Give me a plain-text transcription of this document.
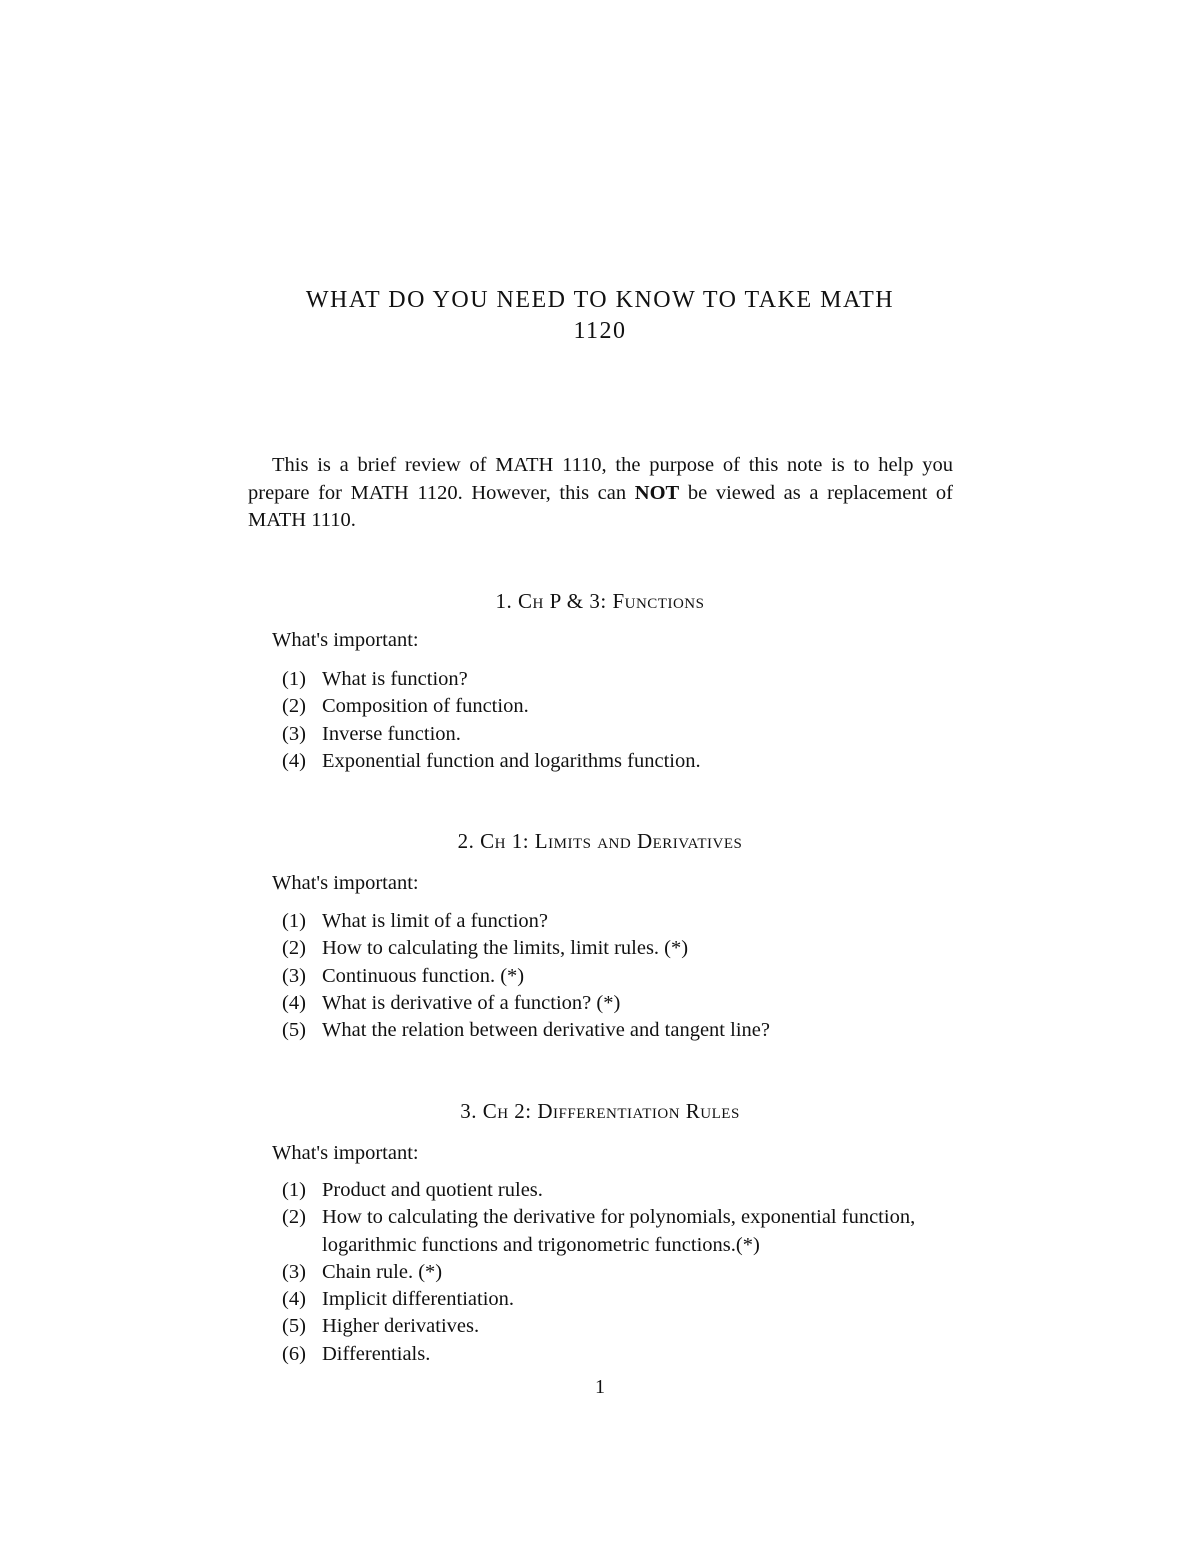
WHAT DO YOU NEED TO KNOW TO TAKE MATH
1120
This is a brief review of MATH 1110, the purpose of this note is to help you prepare for MATH 1120. However, this can NOT be viewed as a replacement of MATH 1110.
1. Ch P & 3: Functions
What's important:
(1) What is function?
(2) Composition of function.
(3) Inverse function.
(4) Exponential function and logarithms function.
2. Ch 1: Limits and Derivatives
What's important:
(1) What is limit of a function?
(2) How to calculating the limits, limit rules. (*)
(3) Continuous function. (*)
(4) What is derivative of a function? (*)
(5) What the relation between derivative and tangent line?
3. Ch 2: Differentiation Rules
What's important:
(1) Product and quotient rules.
(2) How to calculating the derivative for polynomials, exponential function, logarithmic functions and trigonometric functions.(*)
(3) Chain rule. (*)
(4) Implicit differentiation.
(5) Higher derivatives.
(6) Differentials.
1
